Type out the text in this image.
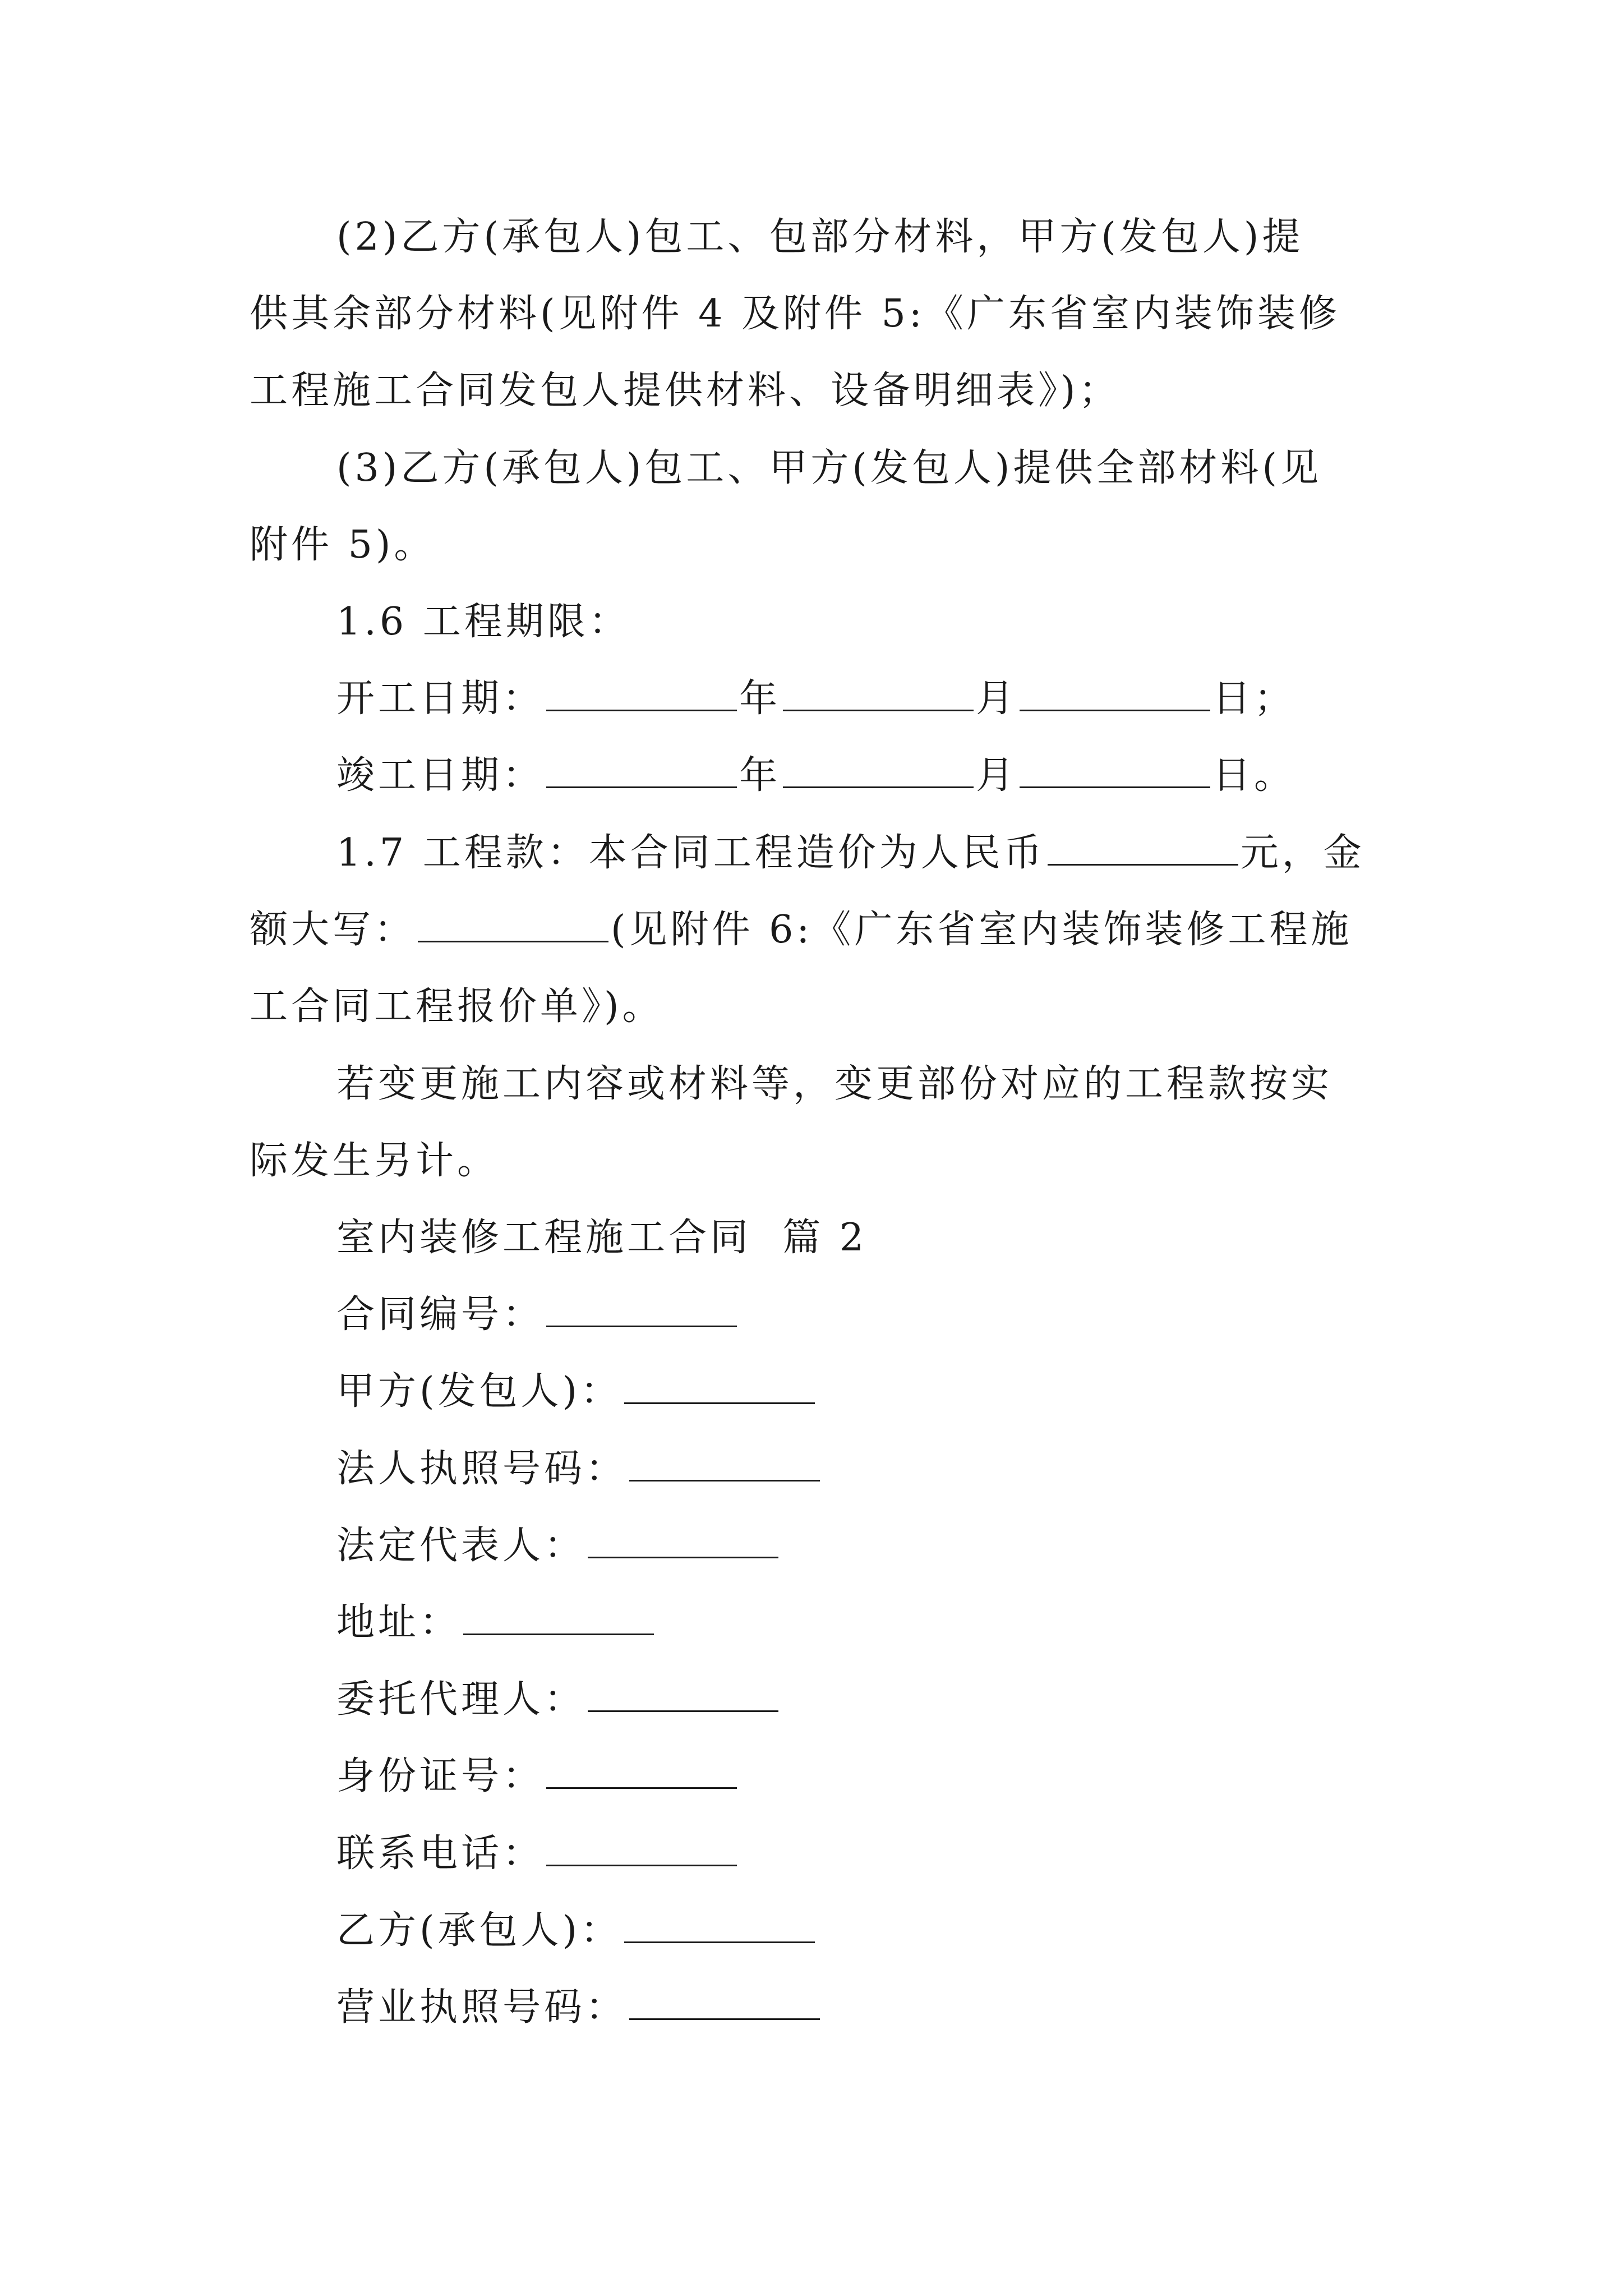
(2)乙方(承包人)包工、包部分材料，甲方(发包人)提
供其余部分材料(见附件 4 及附件 5:《广东省室内装饰装修
工程施工合同发包人提供材料、设备明细表》)；
(3)乙方(承包人)包工、甲方(发包人)提供全部材料(见
附件 5)。
1.6 工程期限：
开工日期：	年	月	日；
竣工日期：	年	月	日。
1.7 工程款：本合同工程造价为人民币	元，金
额大写：	(见附件 6:《广东省室内装饰装修工程施
工合同工程报价单》)。
若变更施工内容或材料等，变更部份对应的工程款按实
际发生另计。
室内装修工程施工合同  篇 2
合同编号：
甲方(发包人)：
法人执照号码：
法定代表人：
地址：
委托代理人：
身份证号：
联系电话：
乙方(承包人)：
营业执照号码：
